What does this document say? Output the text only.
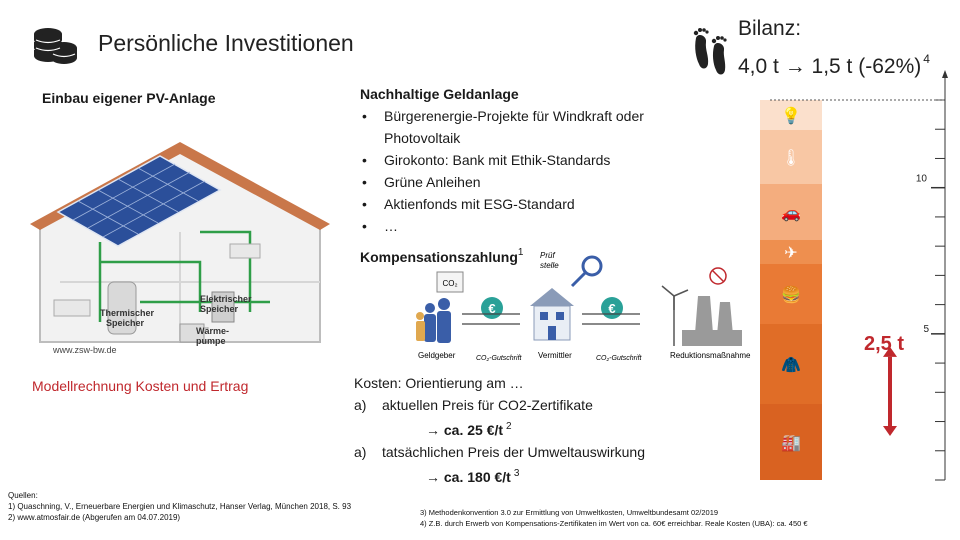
Persönliche Investitionen
Bilanz:
4,0 t → 1,5 t (-62%) $^4$
Einbau eigener PV-Anlage
Elektrischer
Speicher
Thermischer
Speicher
Wärme-
pumpe
www.zsw-bw.de
Modellrechnung Kosten und Ertrag
Nachhaltige Geldanlage
• Bürgerenergie-Projekte für Windkraft oder
Photovoltaik
• Girokonto: Bank mit Ethik-Standards
• Grüne Anleihen
• Aktienfonds mit ESG-Standard
• …
Kompensationszahlung$^1$
€	€
CO₂
Prüf
stelle
Geldgeber	CO₂-Gutschrift Vermittler	CO₂-Gutschrift	Reduktionsmaßnahme
Kosten: Orientierung am …
a) aktuellen Preis für CO2-Zertifikate
→ ca. 25 €/t $^2$
a) tatsächlichen Preis der Umweltauswirkung
→ ca. 180 €/t $^3$
Quellen:
1) Quaschning, V., Erneuerbare Energien und Klimaschutz, Hanser Verlag, München 2018, S. 93
2) www.atmosfair.de (Abgerufen am 04.07.2019)
3) Methodenkonvention 3.0 zur Ermittlung von Umweltkosten, Umweltbundesamt 02/2019
4) Z.B. durch Erwerb von Kompensations-Zertifikaten im Wert von ca. 60€ erreichbar. Reale Kosten (UBA): ca. 450 €
💡
🌡
🚗
✈
🍔
🧥
🏭
10
5
2,5 t
